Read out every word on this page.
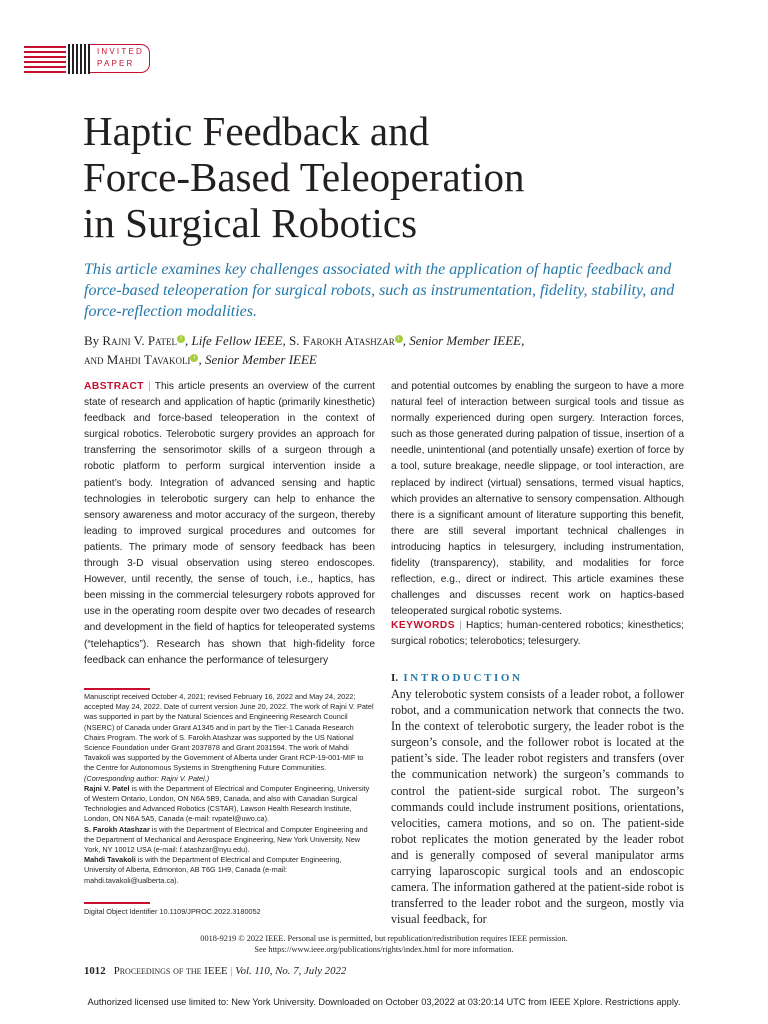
INVITED
PAPER
Haptic Feedback and
Force-Based Teleoperation
in Surgical Robotics
This article examines key challenges associated with the application of haptic feedback and force-based teleoperation for surgical robots, such as instrumentation, fidelity, stability, and force-reflection modalities.
By Rajni V. Patel i , Life Fellow IEEE, S. Farokh Atashzar i , Senior Member IEEE,
and Mahdi Tavakoli i , Senior Member IEEE
ABSTRACT | This article presents an overview of the current state of research and application of haptic (primarily kinesthetic) feedback and force-based teleoperation in the context of surgical robotics. Telerobotic surgery provides an approach for transferring the sensorimotor skills of a surgeon through a robotic platform to perform surgical intervention inside a patient’s body. Integration of advanced sensing and haptic technologies in telerobotic surgery can help to enhance the sensory awareness and motor accuracy of the surgeon, thereby leading to improved surgical procedures and outcomes for patients. The primary mode of sensory feedback has been through 3-D visual observation using stereo endoscopes. However, until recently, the sense of touch, i.e., haptics, has been missing in the commercial telesurgery robots approved for use in the operating room despite over two decades of research and development in the field of haptics for teleoperated systems (“telehaptics”). Research has shown that high-fidelity force feedback can enhance the performance of telesurgery
and potential outcomes by enabling the surgeon to have a more natural feel of interaction between surgical tools and tissue as normally experienced during open surgery. Interaction forces, such as those generated during palpation of tissue, insertion of a needle, unintentional (and potentially unsafe) exertion of force by a tool, suture breakage, needle slippage, or tool interaction, are replaced by indirect (virtual) sensations, termed visual haptics, which provides an alternative to sensory compensation. Although there is a significant amount of literature supporting this benefit, there are still several important technical challenges in introducing haptics in telesurgery, including instrumentation, fidelity (transparency), stability, and modalities for force reflection, e.g., direct or indirect. This article examines these challenges and discusses recent work on haptics-based teleoperated surgical robotic systems.
KEYWORDS | Haptics; human-centered robotics; kinesthetics; surgical robotics; telerobotics; telesurgery.
I. INTRODUCTION
Any telerobotic system consists of a leader robot, a follower robot, and a communication network that connects the two. In the context of telerobotic surgery, the leader robot is the surgeon’s console, and the follower robot is located at the patient’s side. The leader robot registers and transfers (over the communication network) the surgeon’s commands to control the patient-side surgical robot. The surgeon’s commands could include instrument positions, orientations, velocities, camera motions, and so on. The patient-side robot replicates the motion generated by the leader robot and is generally composed of several manipulator arms carrying laparoscopic surgical tools and an endoscopic camera. The information gathered at the patient-side robot is transferred to the leader robot and the surgeon, mostly via visual feedback, for

Manuscript received October 4, 2021; revised February 16, 2022 and May 24, 2022; accepted May 24, 2022. Date of current version June 20, 2022. The work of Rajni V. Patel was supported in part by the Natural Sciences and Engineering Research Council (NSERC) of Canada under Grant A1345 and in part by the Tier-1 Canada Research Chairs Program. The work of S. Farokh Atashzar was supported by the US National Science Foundation under Grant 2037878 and Grant 2031594. The work of Mahdi Tavakoli was supported by the Government of Alberta under Grant RCP-19-001-MIF to the Centre for Autonomous Systems in Strengthening Future Communities. (Corresponding author: Rajni V. Patel.)

Rajni V. Patel is with the Department of Electrical and Computer Engineering, University of Western Ontario, London, ON N6A 5B9, Canada, and also with Canadian Surgical Technologies and Advanced Robotics (CSTAR), Lawson Health Research Institute, London, ON N6A 5A5, Canada (e-mail: rvpatel@uwo.ca).

S. Farokh Atashzar is with the Department of Electrical and Computer Engineering and the Department of Mechanical and Aerospace Engineering, New York University, New York, NY 10012 USA (e-mail: f.atashzar@nyu.edu).

Mahdi Tavakoli is with the Department of Electrical and Computer Engineering, University of Alberta, Edmonton, AB T6G 1H9, Canada (e-mail: mahdi.tavakoli@ualberta.ca).

Digital Object Identifier 10.1109/JPROC.2022.3180052
0018-9219 © 2022 IEEE. Personal use is permitted, but republication/redistribution requires IEEE permission.
See https://www.ieee.org/publications/rights/index.html for more information.
1012 Proceedings of the IEEE | Vol. 110, No. 7, July 2022
Authorized licensed use limited to: New York University. Downloaded on October 03,2022 at 03:20:14 UTC from IEEE Xplore. Restrictions apply.
